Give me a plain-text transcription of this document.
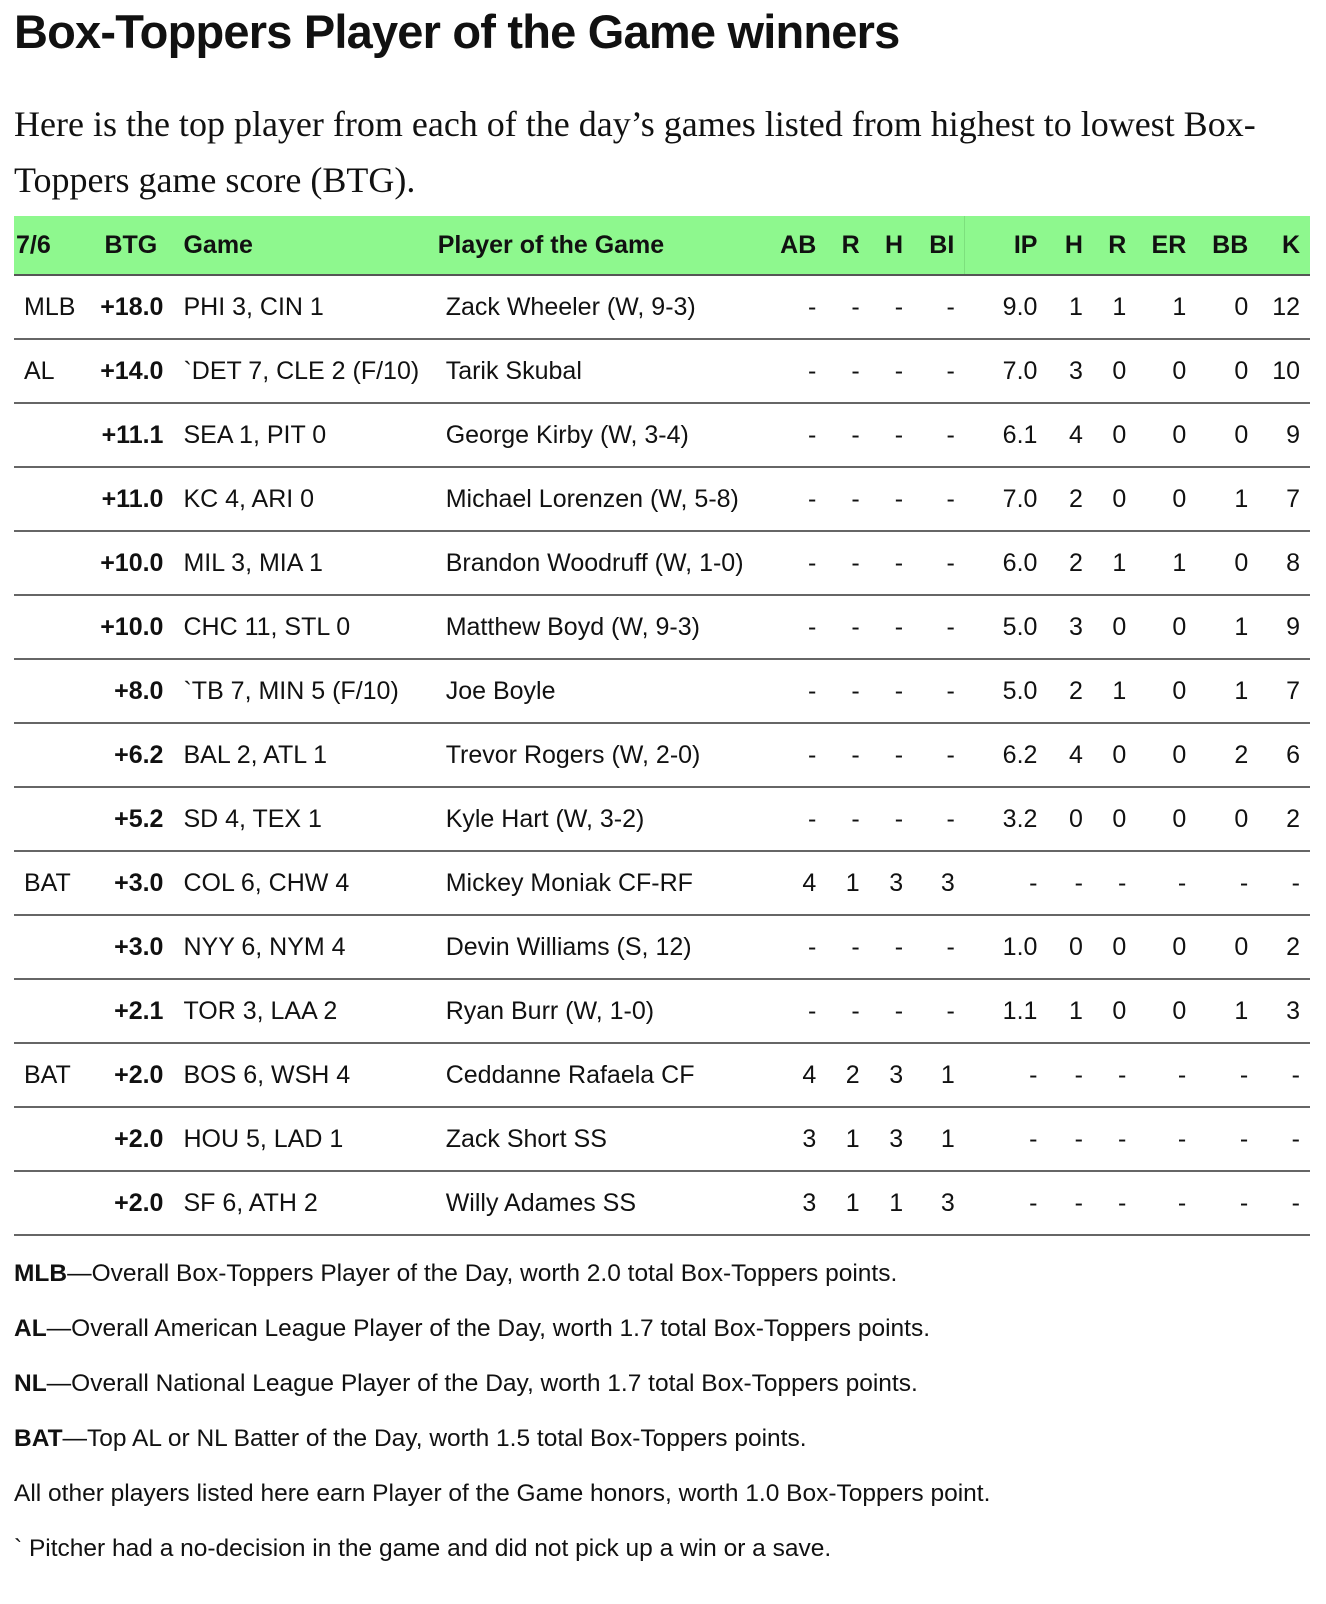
Box-Toppers Player of the Game winners

Here is the top player from each of the day’s games listed from highest to lowest Box-Toppers game score (BTG).

7/6	BTG	Game	Player of the Game	AB	R	H	BI	IP	H	R	ER	BB	K
MLB	+18.0	PHI 3, CIN 1	Zack Wheeler (W, 9-3)	-	-	-	-	9.0	1	1	1	0	12
AL	+14.0	`DET 7, CLE 2 (F/10)	Tarik Skubal	-	-	-	-	7.0	3	0	0	0	10
	+11.1	SEA 1, PIT 0	George Kirby (W, 3-4)	-	-	-	-	6.1	4	0	0	0	9
	+11.0	KC 4, ARI 0	Michael Lorenzen (W, 5-8)	-	-	-	-	7.0	2	0	0	1	7
	+10.0	MIL 3, MIA 1	Brandon Woodruff (W, 1-0)	-	-	-	-	6.0	2	1	1	0	8
	+10.0	CHC 11, STL 0	Matthew Boyd (W, 9-3)	-	-	-	-	5.0	3	0	0	1	9
	+8.0	`TB 7, MIN 5 (F/10)	Joe Boyle	-	-	-	-	5.0	2	1	0	1	7
	+6.2	BAL 2, ATL 1	Trevor Rogers (W, 2-0)	-	-	-	-	6.2	4	0	0	2	6
	+5.2	SD 4, TEX 1	Kyle Hart (W, 3-2)	-	-	-	-	3.2	0	0	0	0	2
BAT	+3.0	COL 6, CHW 4	Mickey Moniak CF-RF	4	1	3	3	-	-	-	-	-	-
	+3.0	NYY 6, NYM 4	Devin Williams (S, 12)	-	-	-	-	1.0	0	0	0	0	2
	+2.1	TOR 3, LAA 2	Ryan Burr (W, 1-0)	-	-	-	-	1.1	1	0	0	1	3
BAT	+2.0	BOS 6, WSH 4	Ceddanne Rafaela CF	4	2	3	1	-	-	-	-	-	-
	+2.0	HOU 5, LAD 1	Zack Short SS	3	1	3	1	-	-	-	-	-	-
	+2.0	SF 6, ATH 2	Willy Adames SS	3	1	1	3	-	-	-	-	-	-
MLB—Overall Box-Toppers Player of the Day, worth 2.0 total Box-Toppers points.
AL—Overall American League Player of the Day, worth 1.7 total Box-Toppers points.
NL—Overall National League Player of the Day, worth 1.7 total Box-Toppers points.
BAT—Top AL or NL Batter of the Day, worth 1.5 total Box-Toppers points.
All other players listed here earn Player of the Game honors, worth 1.0 Box-Toppers point.
` Pitcher had a no-decision in the game and did not pick up a win or a save.
